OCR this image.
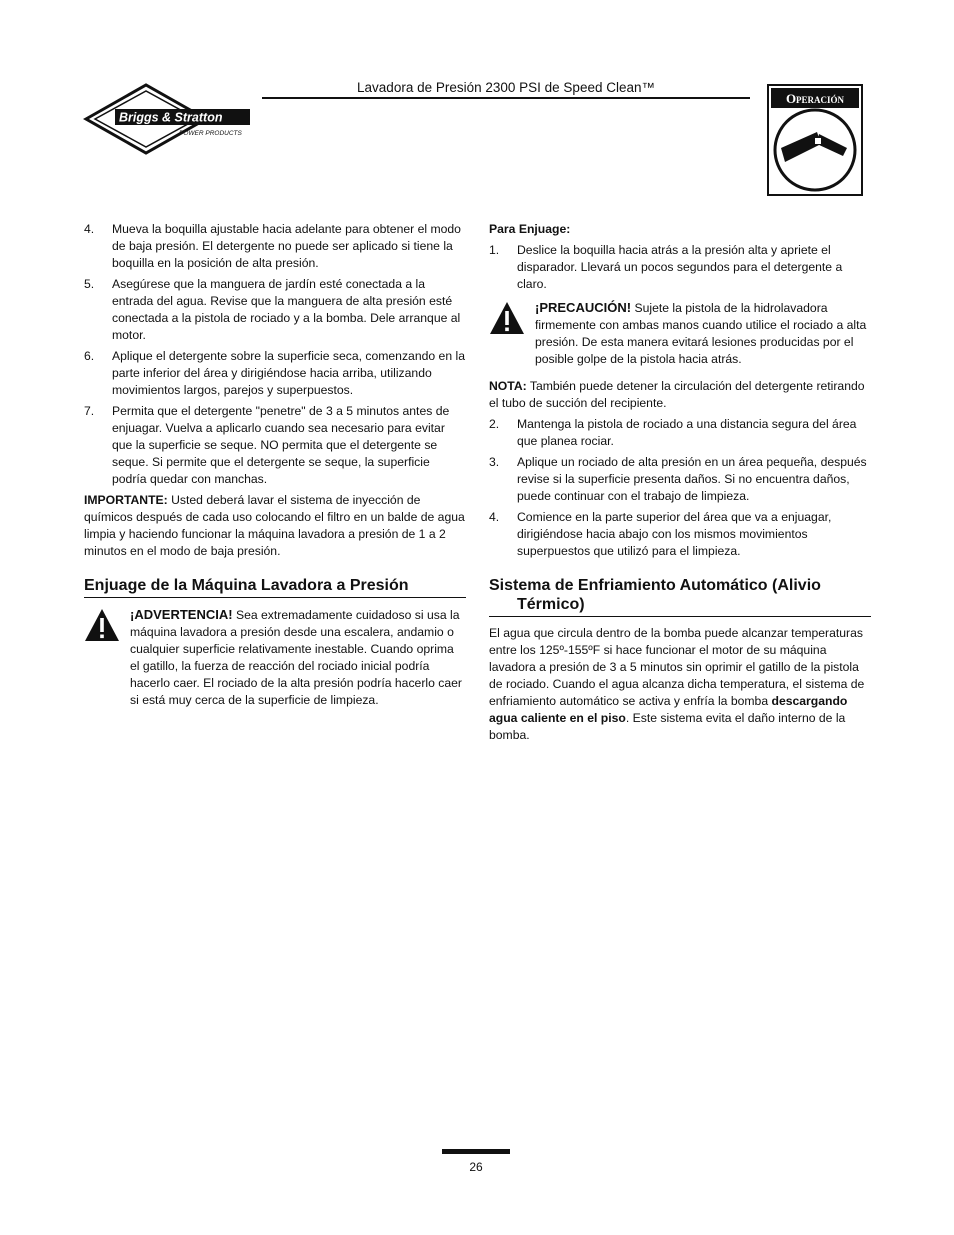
Briggs & Stratton
POWER PRODUCTS
Lavadora de Presión 2300 PSI de Speed Clean™
Operación
4. Mueva la boquilla ajustable hacia adelante para obtener el modo de baja presión. El detergente no puede ser aplicado si tiene la boquilla en la posición de alta presión.
5. Asegúrese que la manguera de jardín esté conectada a la entrada del agua. Revise que la manguera de alta presión esté conectada a la pistola de rociado y a la bomba. Dele arranque al motor.
6. Aplique el detergente sobre la superficie seca, comenzando en la parte inferior del área y dirigiéndose hacia arriba, utilizando movimientos largos, parejos y superpuestos.
7. Permita que el detergente "penetre" de 3 a 5 minutos antes de enjuagar. Vuelva a aplicarlo cuando sea necesario para evitar que la superficie se seque. NO permita que el detergente se seque. Si permite que el detergente se seque, la superficie podría quedar con manchas.

IMPORTANTE: Usted deberá lavar el sistema de inyección de químicos después de cada uso colocando el filtro en un balde de agua limpia y haciendo funcionar la máquina lavadora a presión de 1 a 2 minutos en el modo de baja presión.

Enjuage de la Máquina Lavadora a Presión
¡ADVERTENCIA! Sea extremadamente cuidadoso si usa la máquina lavadora a presión desde una escalera, andamio o cualquier superficie relativamente inestable. Cuando oprima el gatillo, la fuerza de reacción del rociado inicial podría hacerlo caer. El rociado de la alta presión podría hacerlo caer si está muy cerca de la superficie de limpieza.

Para Enjuage:

1. Deslice la boquilla hacia atrás a la presión alta y apriete el disparador. Llevará un pocos segundos para el detergente a claro.
¡PRECAUCIÓN! Sujete la pistola de la hidrolavadora firmemente con ambas manos cuando utilice el rociado a alta presión. De esta manera evitará lesiones producidas por el posible golpe de la pistola hacia atrás.

NOTA: También puede detener la circulación del detergente retirando el tubo de succión del recipiente.

2. Mantenga la pistola de rociado a una distancia segura del área que planea rociar.
3. Aplique un rociado de alta presión en un área pequeña, después revise si la superficie presenta daños. Si no encuentra daños, puede continuar con el trabajo de limpieza.
4. Comience en la parte superior del área que va a enjuagar, dirigiéndose hacia abajo con los mismos movimientos superpuestos que utilizó para el limpieza.
Sistema de Enfriamiento Automático (Alivio Térmico)

El agua que circula dentro de la bomba puede alcanzar temperaturas entre los 125º-155ºF si hace funcionar el motor de su máquina lavadora a presión de 3 a 5 minutos sin oprimir el gatillo de la pistola de rociado. Cuando el agua alcanza dicha temperatura, el sistema de enfriamiento automático se activa y enfría la bomba descargando agua caliente en el piso. Este sistema evita el daño interno de la bomba.

26
